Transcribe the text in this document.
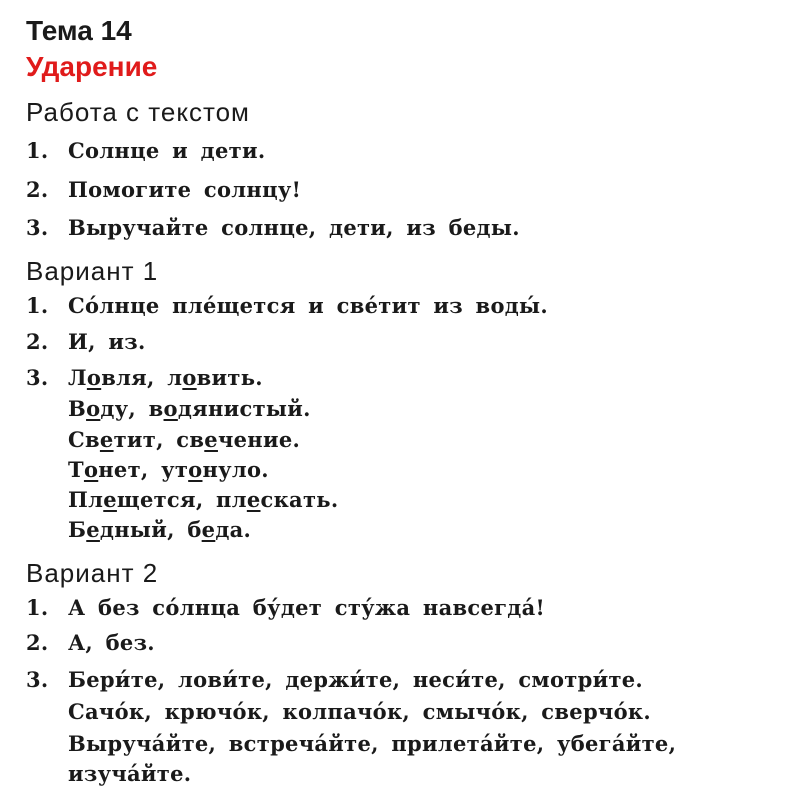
Тема 14
Ударение
Работа с текстом
1. Солнце и дети.
2. Помогите солнцу!
3. Выручайте солнце, дети, из беды.
Вариант 1
1. Со́лнце пле́щется и све́тит из воды́.
2. И, из.
3. Ловля, ловить.
Воду, водянистый.
Светит, свечение.
Тонет, утонуло.
Плещется, плескать.
Бедный, беда.
Вариант 2
1. А без со́лнца бу́дет сту́жа навсегда́!
2. А, без.
3. Бери́те, лови́те, держи́те, неси́те, смотри́те.
Сачо́к, крючо́к, колпачо́к, смычо́к, сверчо́к.
Выруча́йте, встреча́йте, прилета́йте, убега́йте,
изуча́йте.
